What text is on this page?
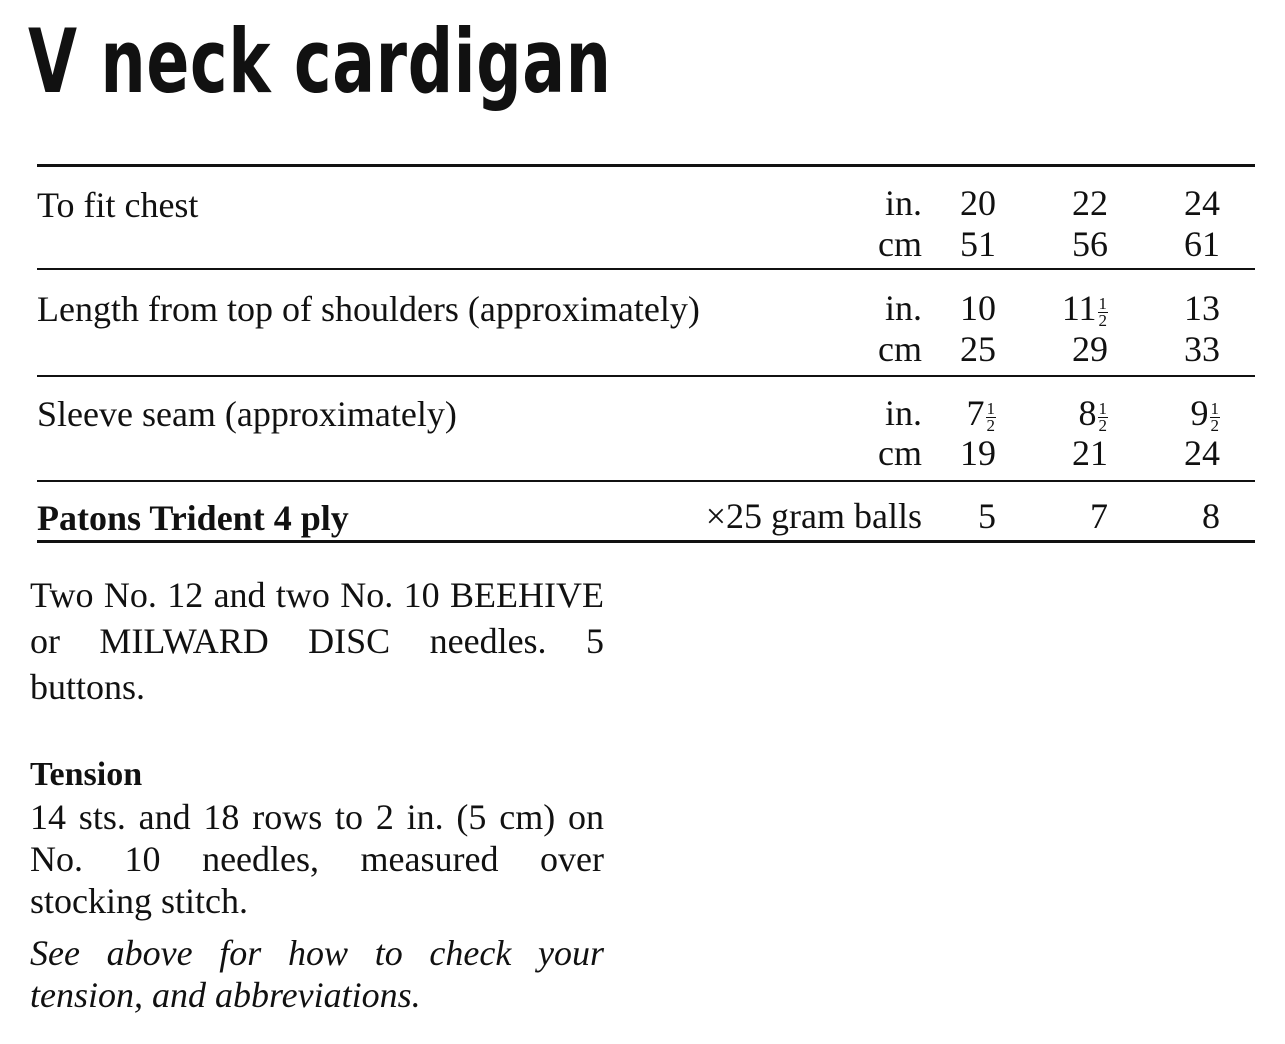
V neck cardigan
To fit chest	in.	20	22	24
cm	51	56	61
Length from top of shoulders (approximately)	in.	10	$11 \frac{1}{2}$	13
cm	25	29	33
Sleeve seam (approximately)	in.	$7 \frac{1}{2}$	$8 \frac{1}{2}$	$9 \frac{1}{2}$
cm	19	21	24
Patons Trident 4 ply	×25 gram balls	5	7	8

Two No. 12 and two No. 10 BEEHIVE or MILWARD DISC needles. 5 buttons.

Tension

14 sts. and 18 rows to 2 in. (5 cm) on No. 10 needles, measured over stocking stitch.

See above for how to check your tension, and abbreviations.
